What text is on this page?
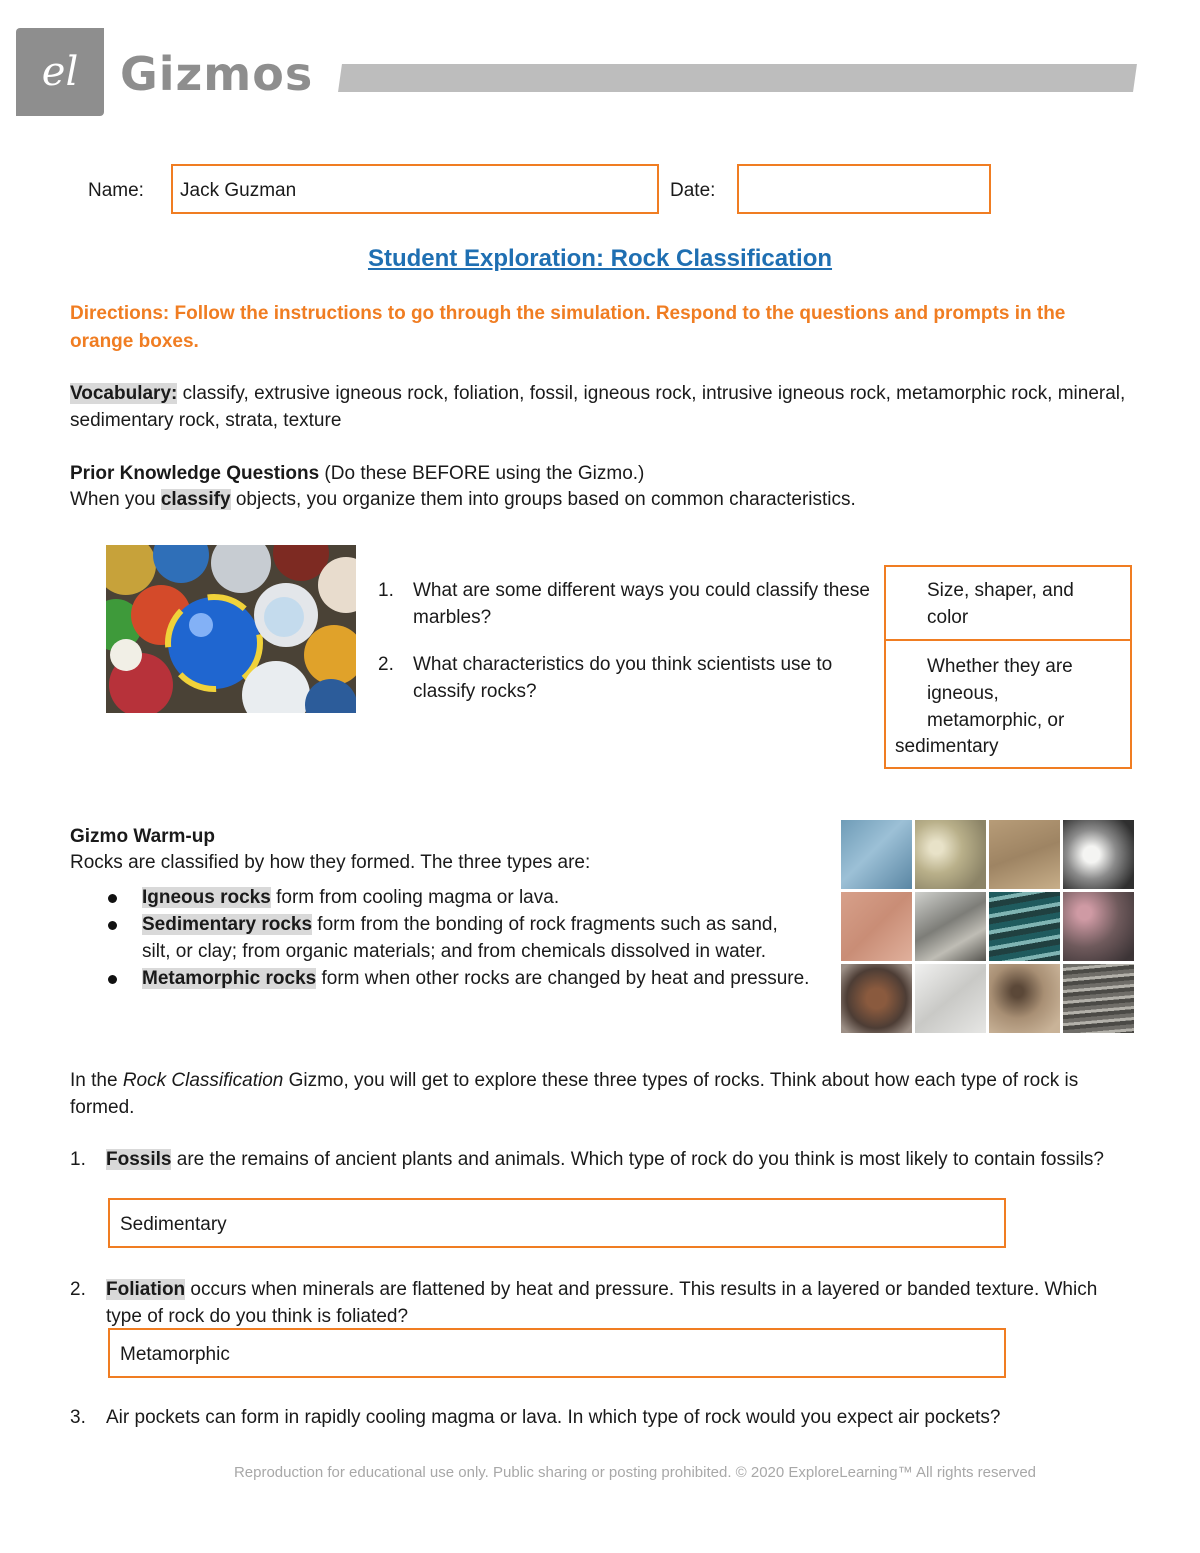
el Gizmos
Name: Jack Guzman	Date:
Student Exploration: Rock Classification
Directions: Follow the instructions to go through the simulation. Respond to the questions and prompts in the orange boxes.
Vocabulary: classify, extrusive igneous rock, foliation, fossil, igneous rock, intrusive igneous rock, metamorphic rock, mineral, sedimentary rock, strata, texture
Prior Knowledge Questions (Do these BEFORE using the Gizmo.)
When you classify objects, you organize them into groups based on common characteristics.
1. What are some different ways you could classify these marbles?
2. What characteristics do you think scientists use to classify rocks?
Size, shaper, and color
Whether they are
igneous,
metamorphic, or
sedimentary
Gizmo Warm-up
Rocks are classified by how they formed. The three types are:
Igneous rocks form from cooling magma or lava.
Sedimentary rocks form from the bonding of rock fragments such as sand, silt, or clay; from organic materials; and from chemicals dissolved in water.
Metamorphic rocks form when other rocks are changed by heat and pressure.
In the Rock Classification Gizmo, you will get to explore these three types of rocks. Think about how each type of rock is formed.
1. Fossils are the remains of ancient plants and animals. Which type of rock do you think is most likely to contain fossils?
Sedimentary
2. Foliation occurs when minerals are flattened by heat and pressure. This results in a layered or banded texture. Which type of rock do you think is foliated?
Metamorphic
3. Air pockets can form in rapidly cooling magma or lava. In which type of rock would you expect air pockets?
Reproduction for educational use only. Public sharing or posting prohibited. © 2020 ExploreLearning™ All rights reserved
